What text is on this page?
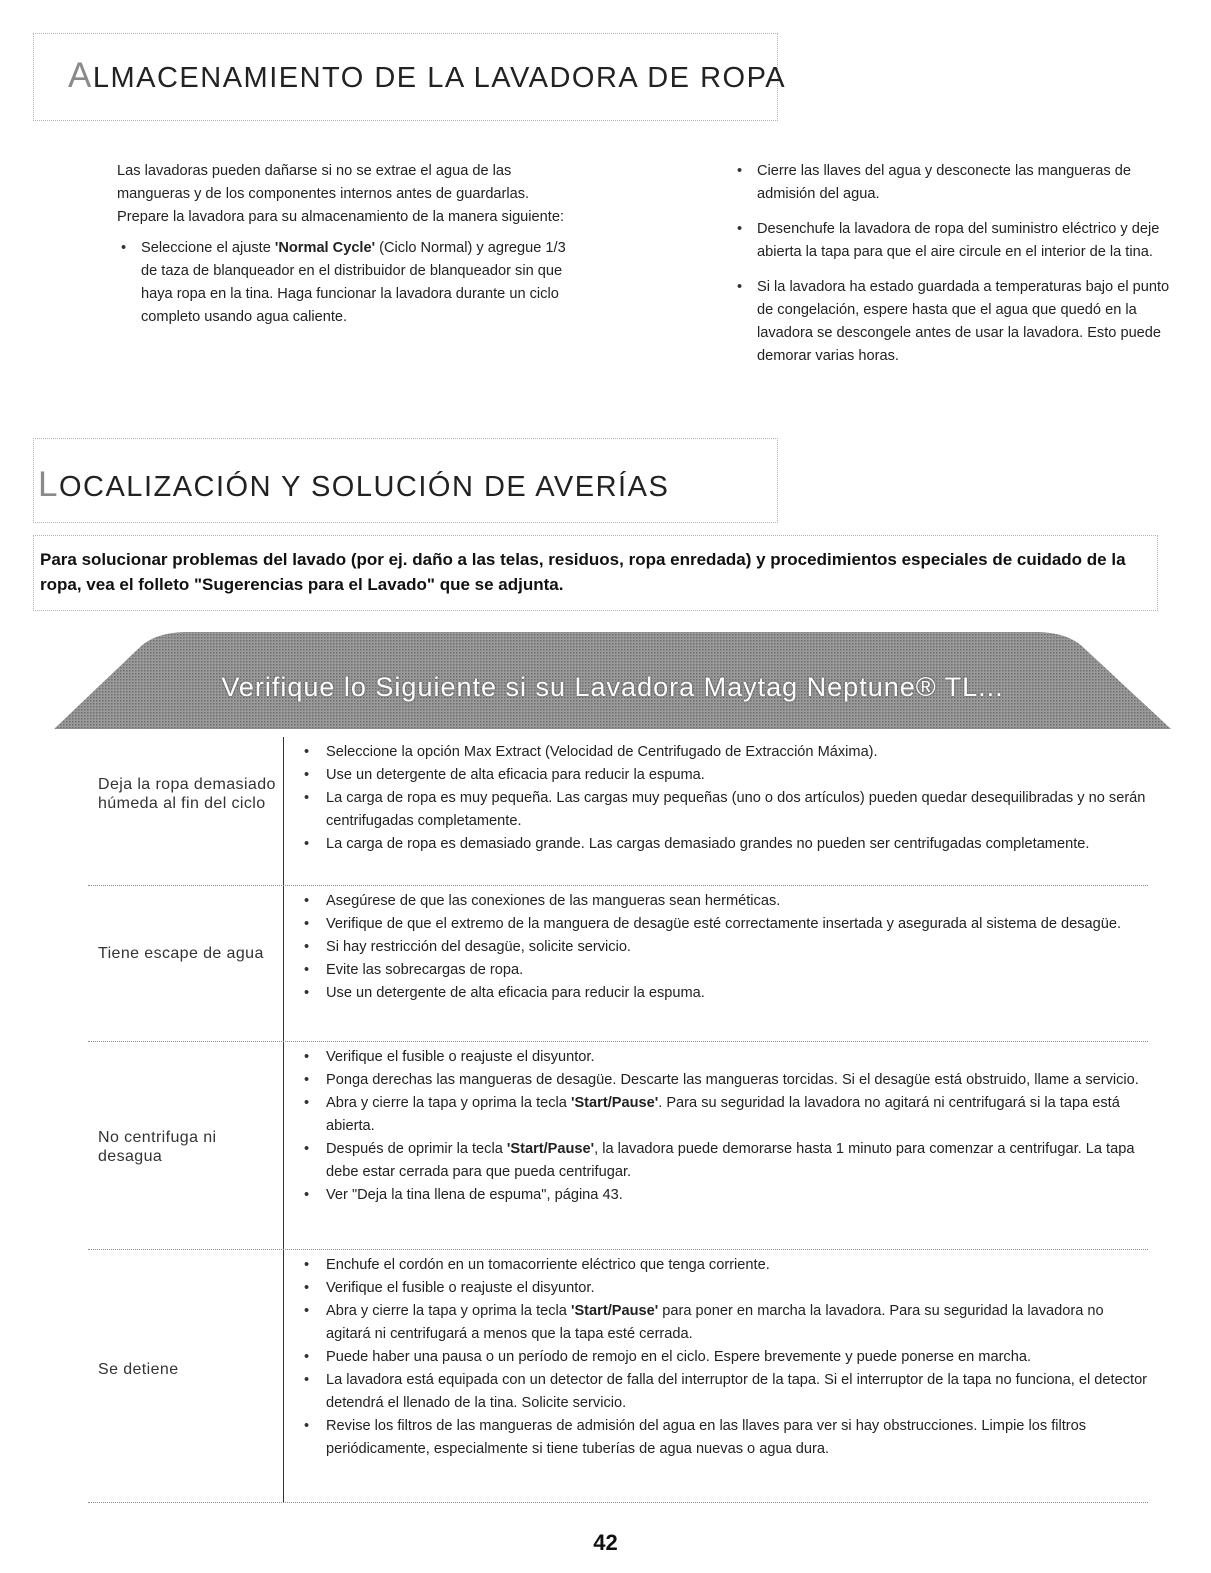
ALMACENAMIENTO DE LA LAVADORA DE ROPA

Las lavadoras pueden dañarse si no se extrae el agua de las mangueras y de los componentes internos antes de guardarlas. Prepare la lavadora para su almacenamiento de la manera siguiente:

• Seleccione el ajuste 'Normal Cycle' (Ciclo Normal) y agregue 1/3 de taza de blanqueador en el distribuidor de blanqueador sin que haya ropa en la tina. Haga funcionar la lavadora durante un ciclo completo usando agua caliente.
• Cierre las llaves del agua y desconecte las mangueras de admisión del agua.
• Desenchufe la lavadora de ropa del suministro eléctrico y deje abierta la tapa para que el aire circule en el interior de la tina.
• Si la lavadora ha estado guardada a temperaturas bajo el punto de congelación, espere hasta que el agua que quedó en la lavadora se descongele antes de usar la lavadora. Esto puede demorar varias horas.
LOCALIZACIÓN Y SOLUCIÓN DE AVERÍAS
Para solucionar problemas del lavado (por ej. daño a las telas, residuos, ropa enredada) y procedimientos especiales de cuidado de la ropa, vea el folleto "Sugerencias para el Lavado" que se adjunta.
Verifique lo Siguiente si su Lavadora Maytag Neptune® TL...
Deja la ropa demasiado húmeda al fin del ciclo
• Seleccione la opción Max Extract (Velocidad de Centrifugado de Extracción Máxima).
• Use un detergente de alta eficacia para reducir la espuma.
• La carga de ropa es muy pequeña. Las cargas muy pequeñas (uno o dos artículos) pueden quedar desequilibradas y no serán centrifugadas completamente.
• La carga de ropa es demasiado grande. Las cargas demasiado grandes no pueden ser centrifugadas completamente.
Tiene escape de agua
• Asegúrese de que las conexiones de las mangueras sean herméticas.
• Verifique de que el extremo de la manguera de desagüe esté correctamente insertada y asegurada al sistema de desagüe.
• Si hay restricción del desagüe, solicite servicio.
• Evite las sobrecargas de ropa.
• Use un detergente de alta eficacia para reducir la espuma.
No centrifuga ni desagua
• Verifique el fusible o reajuste el disyuntor.
• Ponga derechas las mangueras de desagüe. Descarte las mangueras torcidas. Si el desagüe está obstruido, llame a servicio.
• Abra y cierre la tapa y oprima la tecla 'Start/Pause'. Para su seguridad la lavadora no agitará ni centrifugará si la tapa está abierta.
• Después de oprimir la tecla 'Start/Pause', la lavadora puede demorarse hasta 1 minuto para comenzar a centrifugar. La tapa debe estar cerrada para que pueda centrifugar.
• Ver "Deja la tina llena de espuma", página 43.
Se detiene
• Enchufe el cordón en un tomacorriente eléctrico que tenga corriente.
• Verifique el fusible o reajuste el disyuntor.
• Abra y cierre la tapa y oprima la tecla 'Start/Pause' para poner en marcha la lavadora. Para su seguridad la lavadora no agitará ni centrifugará a menos que la tapa esté cerrada.
• Puede haber una pausa o un período de remojo en el ciclo. Espere brevemente y puede ponerse en marcha.
• La lavadora está equipada con un detector de falla del interruptor de la tapa. Si el interruptor de la tapa no funciona, el detector detendrá el llenado de la tina. Solicite servicio.
• Revise los filtros de las mangueras de admisión del agua en las llaves para ver si hay obstrucciones. Limpie los filtros periódicamente, especialmente si tiene tuberías de agua nuevas o agua dura.
42
